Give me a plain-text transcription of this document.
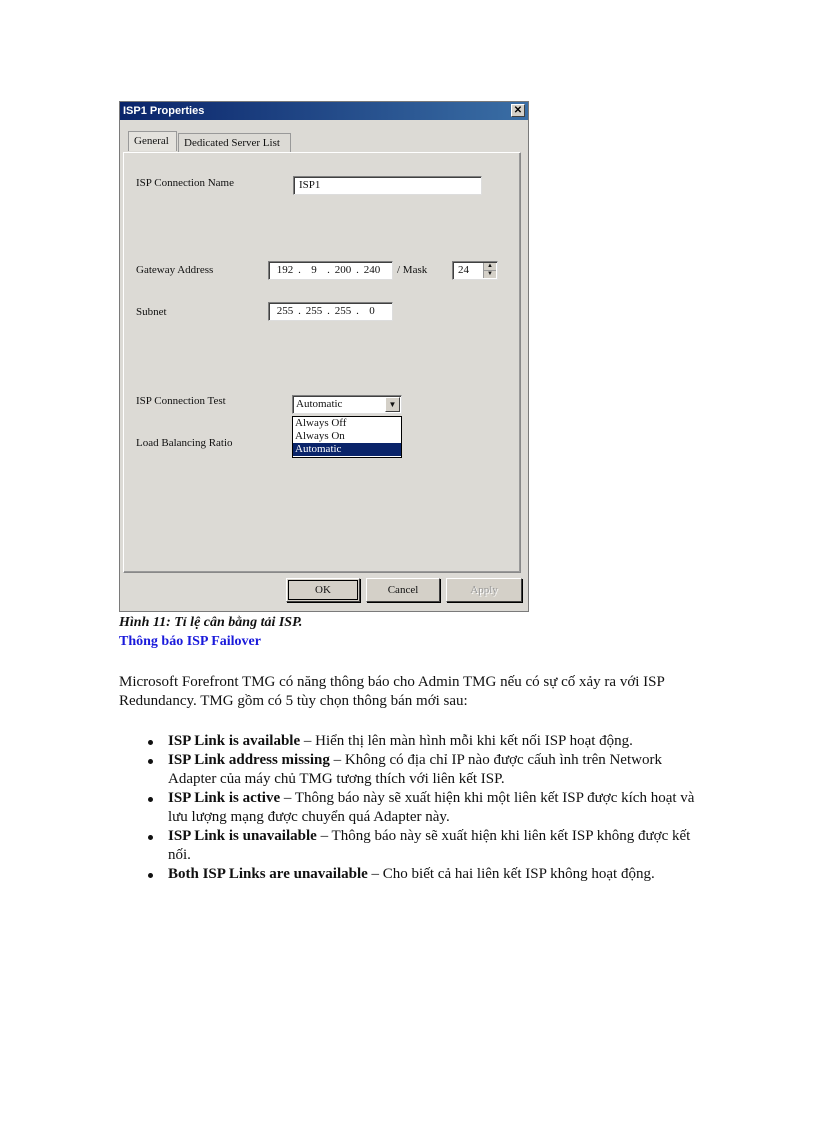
ISP1 Properties	✕
General	Dedicated Server List
ISP Connection Name	ISP1
Gateway Address	192 . 9 . 200 . 240	/ Mask	24	▲
▼
Subnet	255 . 255 . 255 . 0
ISP Connection Test	Automatic	▼
Always Off
Always On
Automatic
Load Balancing Ratio
OK	Cancel	Apply
Hình 11: Tỉ lệ cân bằng tải ISP.
Thông báo ISP Failover
Microsoft Forefront TMG có năng thông báo cho Admin TMG nếu có sự cố xảy ra với ISP Redundancy. TMG gồm có 5 tùy chọn thông bán mới sau:
ISP Link is available – Hiển thị lên màn hình mỗi khi kết nối ISP hoạt động.
ISP Link address missing – Không có địa chỉ IP nào được cấuh ình trên Network Adapter của máy chủ TMG tương thích với liên kết ISP.
ISP Link is active – Thông báo này sẽ xuất hiện khi một liên kết ISP được kích hoạt và lưu lượng mạng được chuyển quá Adapter này.
ISP Link is unavailable – Thông báo này sẽ xuất hiện khi liên kết ISP không được kết nối.
Both ISP Links are unavailable – Cho biết cả hai liên kết ISP không hoạt động.
